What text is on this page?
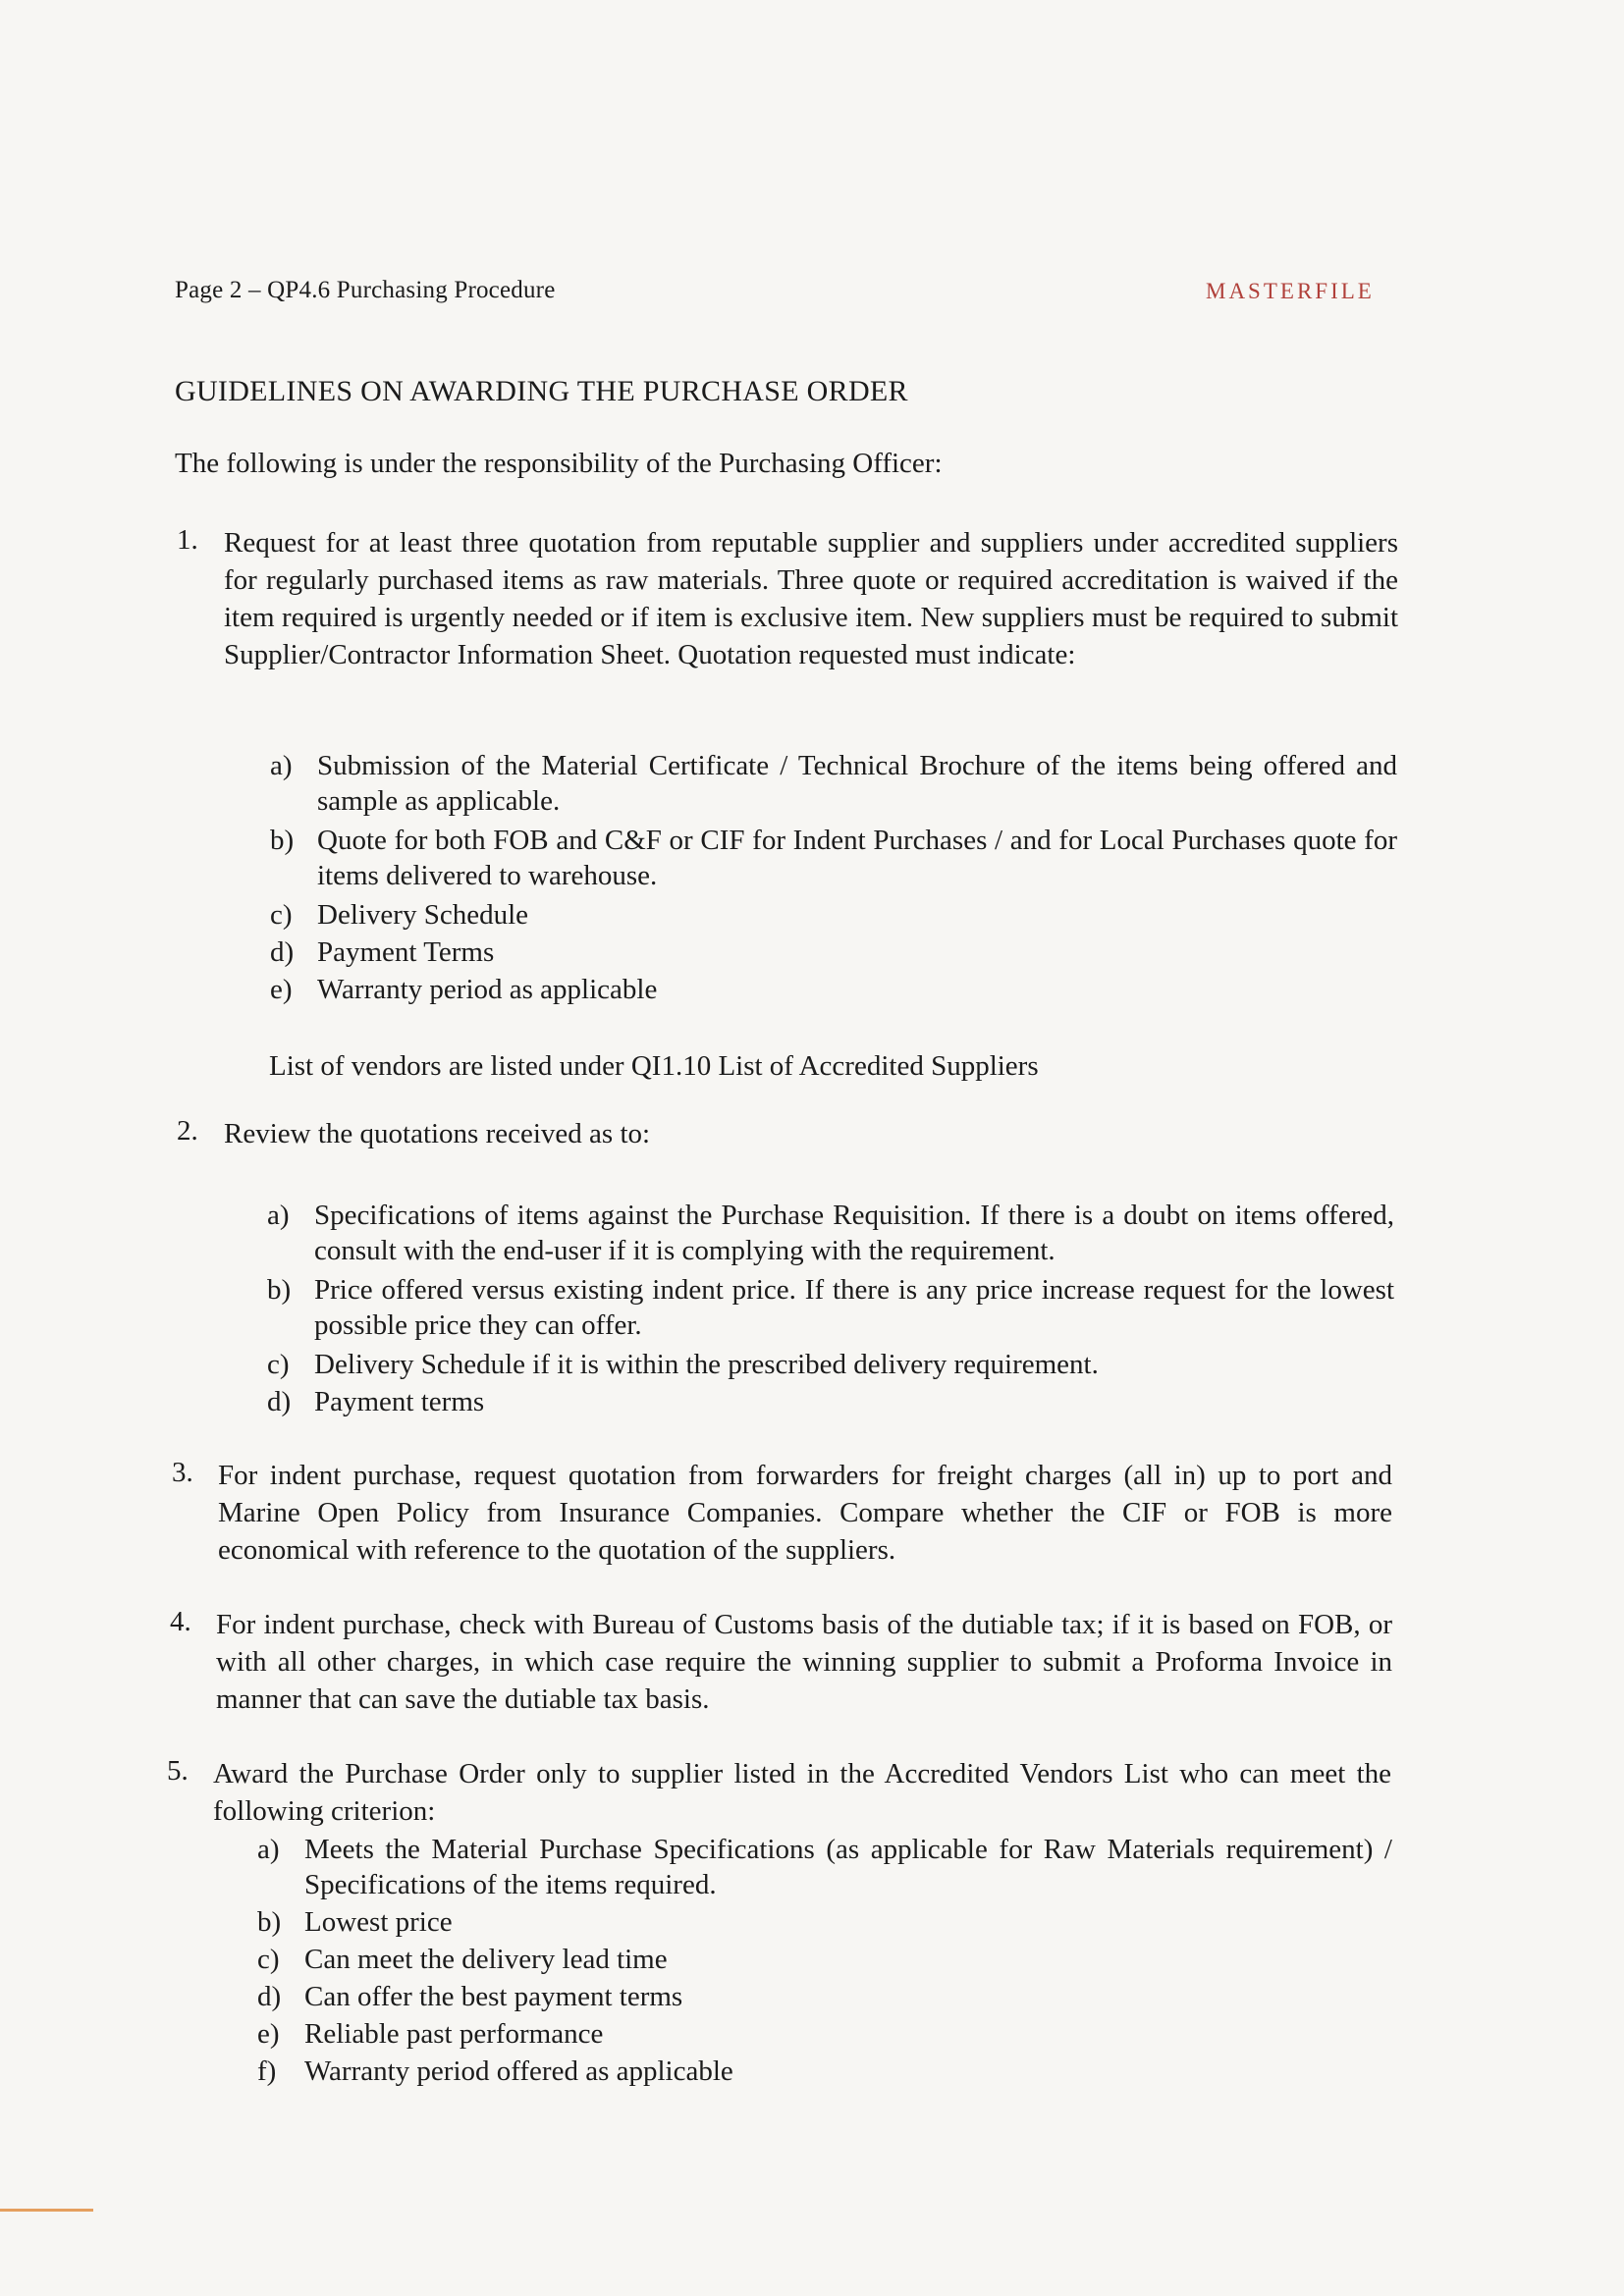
Page 2 – QP4.6 Purchasing Procedure	MASTERFILE
GUIDELINES ON AWARDING THE PURCHASE ORDER
The following is under the responsibility of the Purchasing Officer:
1. Request for at least three quotation from reputable supplier and suppliers under accredited suppliers for regularly purchased items as raw materials. Three quote or required accreditation is waived if the item required is urgently needed or if item is exclusive item. New suppliers must be required to submit Supplier/Contractor Information Sheet. Quotation requested must indicate:
a) Submission of the Material Certificate / Technical Brochure of the items being offered and sample as applicable.
b) Quote for both FOB and C&F or CIF for Indent Purchases / and for Local Purchases quote for items delivered to warehouse.
c) Delivery Schedule
d) Payment Terms
e) Warranty period as applicable
List of vendors are listed under QI1.10 List of Accredited Suppliers
2. Review the quotations received as to:
a) Specifications of items against the Purchase Requisition. If there is a doubt on items offered, consult with the end-user if it is complying with the requirement.
b) Price offered versus existing indent price. If there is any price increase request for the lowest possible price they can offer.
c) Delivery Schedule if it is within the prescribed delivery requirement.
d) Payment terms
3. For indent purchase, request quotation from forwarders for freight charges (all in) up to port and Marine Open Policy from Insurance Companies. Compare whether the CIF or FOB is more economical with reference to the quotation of the suppliers.
4. For indent purchase, check with Bureau of Customs basis of the dutiable tax; if it is based on FOB, or with all other charges, in which case require the winning supplier to submit a Proforma Invoice in manner that can save the dutiable tax basis.
5. Award the Purchase Order only to supplier listed in the Accredited Vendors List who can meet the following criterion:
a) Meets the Material Purchase Specifications (as applicable for Raw Materials requirement) / Specifications of the items required.
b) Lowest price
c) Can meet the delivery lead time
d) Can offer the best payment terms
e) Reliable past performance
f) Warranty period offered as applicable
